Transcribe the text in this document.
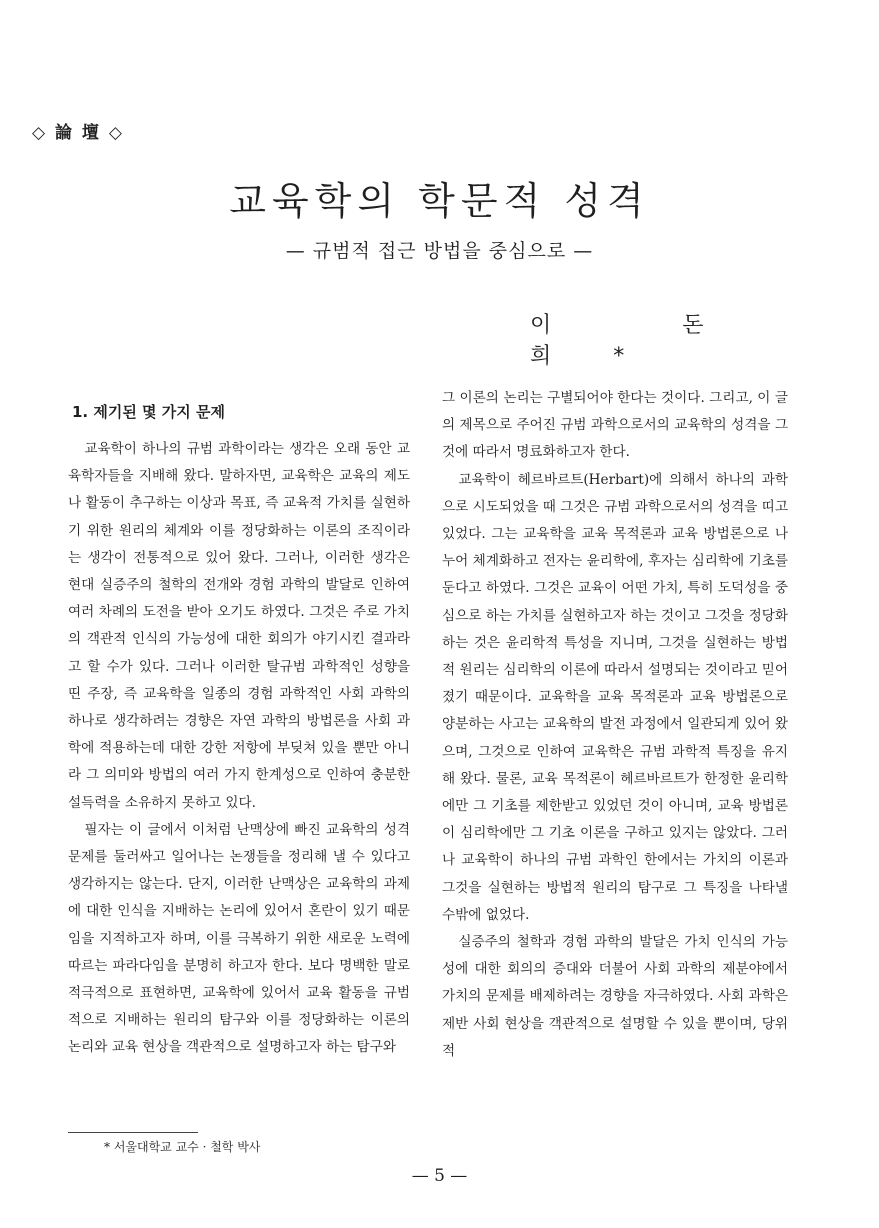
◇ 論 壇 ◇
교육학의 학문적 성격
— 규범적 접근 방법을 중심으로 —
이 돈 희*
1. 제기된 몇 가지 문제

교육학이 하나의 규범 과학이라는 생각은 오래 동안 교육학자들을 지배해 왔다. 말하자면, 교육학은 교육의 제도나 활동이 추구하는 이상과 목표, 즉 교육적 가치를 실현하기 위한 원리의 체계와 이를 정당화하는 이론의 조직이라는 생각이 전통적으로 있어 왔다. 그러나, 이러한 생각은 현대 실증주의 철학의 전개와 경험 과학의 발달로 인하여 여러 차례의 도전을 받아 오기도 하였다. 그것은 주로 가치의 객관적 인식의 가능성에 대한 회의가 야기시킨 결과라고 할 수가 있다. 그러나 이러한 탈규범 과학적인 성향을 띤 주장, 즉 교육학을 일종의 경험 과학적인 사회 과학의 하나로 생각하려는 경향은 자연 과학의 방법론을 사회 과학에 적용하는데 대한 강한 저항에 부딪쳐 있을 뿐만 아니라 그 의미와 방법의 여러 가지 한계성으로 인하여 충분한 설득력을 소유하지 못하고 있다.

필자는 이 글에서 이처럼 난맥상에 빠진 교육학의 성격 문제를 둘러싸고 일어나는 논쟁들을 정리해 낼 수 있다고 생각하지는 않는다. 단지, 이러한 난맥상은 교육학의 과제에 대한 인식을 지배하는 논리에 있어서 혼란이 있기 때문임을 지적하고자 하며, 이를 극복하기 위한 새로운 노력에 따르는 파라다임을 분명히 하고자 한다. 보다 명백한 말로 적극적으로 표현하면, 교육학에 있어서 교육 활동을 규범적으로 지배하는 원리의 탐구와 이를 정당화하는 이론의 논리와 교육 현상을 객관적으로 설명하고자 하는 탐구와

그 이론의 논리는 구별되어야 한다는 것이다. 그리고, 이 글의 제목으로 주어진 규범 과학으로서의 교육학의 성격을 그것에 따라서 명료화하고자 한다.

교육학이 헤르바르트(Herbart)에 의해서 하나의 과학으로 시도되었을 때 그것은 규범 과학으로서의 성격을 띠고 있었다. 그는 교육학을 교육 목적론과 교육 방법론으로 나누어 체계화하고 전자는 윤리학에, 후자는 심리학에 기초를 둔다고 하였다. 그것은 교육이 어떤 가치, 특히 도덕성을 중심으로 하는 가치를 실현하고자 하는 것이고 그것을 정당화하는 것은 윤리학적 특성을 지니며, 그것을 실현하는 방법적 원리는 심리학의 이론에 따라서 설명되는 것이라고 믿어졌기 때문이다. 교육학을 교육 목적론과 교육 방법론으로 양분하는 사고는 교육학의 발전 과정에서 일관되게 있어 왔으며, 그것으로 인하여 교육학은 규범 과학적 특징을 유지해 왔다. 물론, 교육 목적론이 헤르바르트가 한정한 윤리학에만 그 기초를 제한받고 있었던 것이 아니며, 교육 방법론이 심리학에만 그 기초 이론을 구하고 있지는 않았다. 그러나 교육학이 하나의 규범 과학인 한에서는 가치의 이론과 그것을 실현하는 방법적 원리의 탐구로 그 특징을 나타낼 수밖에 없었다.

실증주의 철학과 경험 과학의 발달은 가치 인식의 가능성에 대한 회의의 증대와 더불어 사회 과학의 제분야에서 가치의 문제를 배제하려는 경향을 자극하였다. 사회 과학은 제반 사회 현상을 객관적으로 설명할 수 있을 뿐이며, 당위적

* 서울대학교 교수 · 철학 박사
— 5 —
